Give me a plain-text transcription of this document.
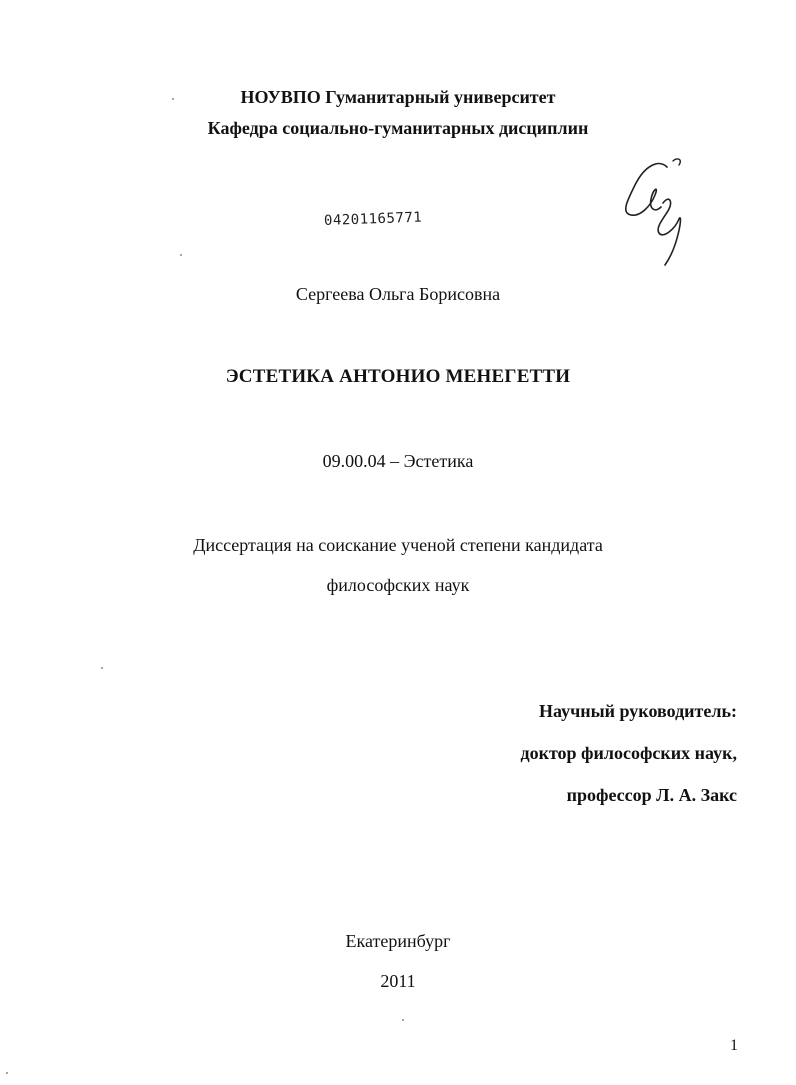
НОУВПО Гуманитарный университет
Кафедра социально-гуманитарных дисциплин
04201165771
Сергеева Ольга Борисовна
ЭСТЕТИКА АНТОНИО МЕНЕГЕТТИ
09.00.04 – Эстетика
Диссертация на соискание ученой степени кандидата
философских наук
Научный руководитель:
доктор философских наук,
профессор Л. А. Закс
Екатеринбург
2011
1
